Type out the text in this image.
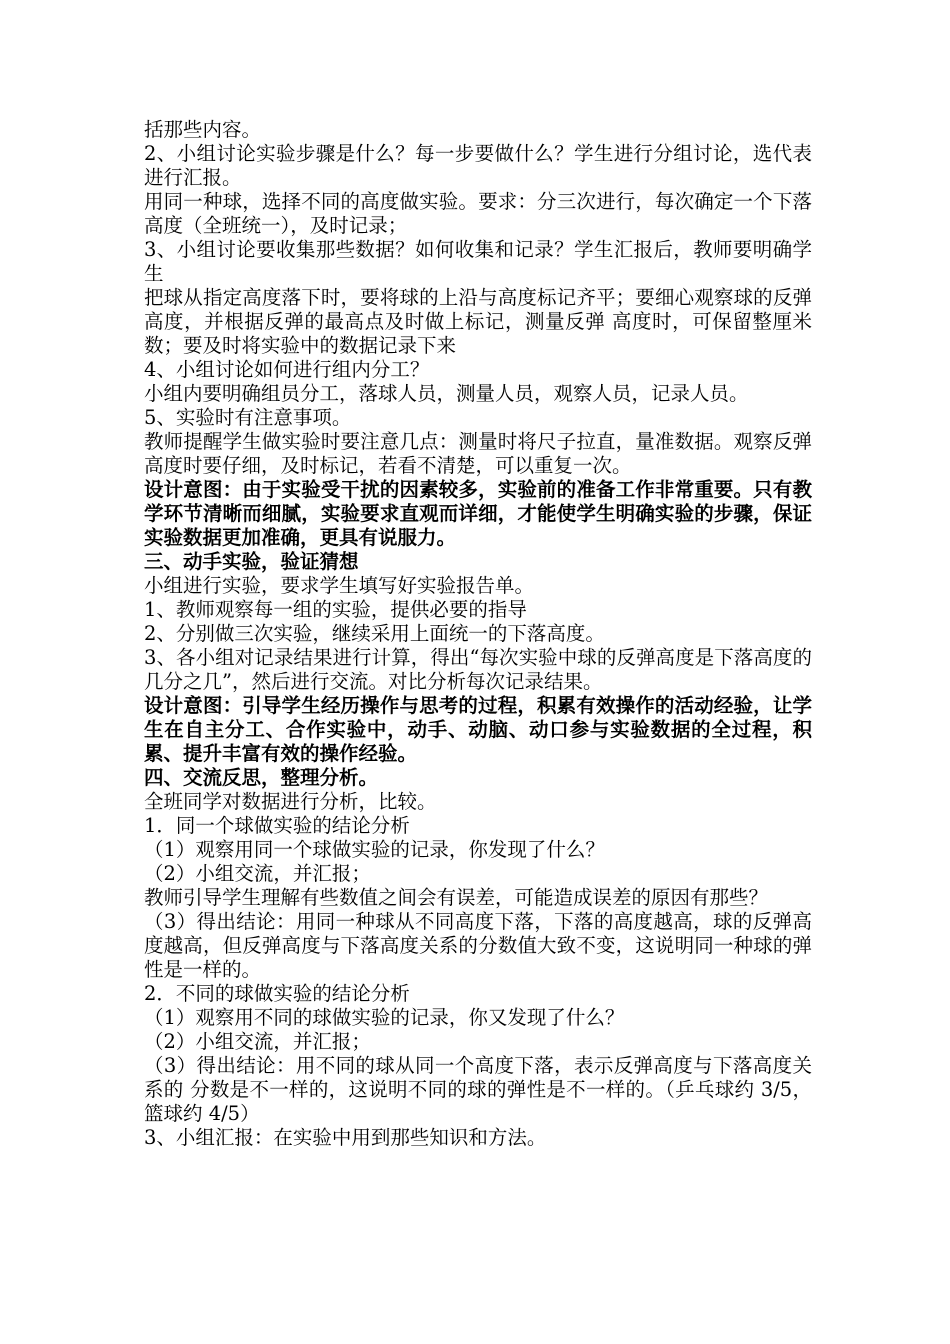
括那些内容。

2、小组讨论实验步骤是什么？每一步要做什么？学生进行分组讨论，选代表进行汇报。

用同一种球，选择不同的高度做实验。要求：分三次进行，每次确定一个下落高度（全班统一），及时记录；

3、小组讨论要收集那些数据？如何收集和记录？学生汇报后，教师要明确学生

把球从指定高度落下时，要将球的上沿与高度标记齐平；要细心观察球的反弹高度，并根据反弹的最高点及时做上标记，测量反弹 高度时，可保留整厘米数；要及时将实验中的数据记录下来

4、小组讨论如何进行组内分工？

小组内要明确组员分工，落球人员，测量人员，观察人员，记录人员。

5、实验时有注意事项。

教师提醒学生做实验时要注意几点：测量时将尺子拉直，量准数据。观察反弹高度时要仔细，及时标记，若看不清楚，可以重复一次。

设计意图：由于实验受干扰的因素较多，实验前的准备工作非常重要。只有教学环节清晰而细腻，实验要求直观而详细，才能使学生明确实验的步骤，保证实验数据更加准确，更具有说服力。

三、动手实验，验证猜想

小组进行实验，要求学生填写好实验报告单。

1、教师观察每一组的实验，提供必要的指导

2、分别做三次实验，继续采用上面统一的下落高度。

3、各小组对记录结果进行计算，得出“每次实验中球的反弹高度是下落高度的几分之几”，然后进行交流。对比分析每次记录结果。

设计意图：引导学生经历操作与思考的过程，积累有效操作的活动经验，让学生在自主分工、合作实验中，动手、动脑、动口参与实验数据的全过程，积累、提升丰富有效的操作经验。

四、交流反思，整理分析。

全班同学对数据进行分析，比较。

1．同一个球做实验的结论分析

（1）观察用同一个球做实验的记录，你发现了什么？

（2）小组交流，并汇报；

教师引导学生理解有些数值之间会有误差，可能造成误差的原因有那些？

（3）得出结论：用同一种球从不同高度下落，下落的高度越高，球的反弹高度越高，但反弹高度与下落高度关系的分数值大致不变，这说明同一种球的弹性是一样的。

2．不同的球做实验的结论分析

（1）观察用不同的球做实验的记录，你又发现了什么？

（2）小组交流，并汇报；

（3）得出结论：用不同的球从同一个高度下落，表示反弹高度与下落高度关系的 分数是不一样的，这说明不同的球的弹性是不一样的。（乒乓球约 3/5，篮球约 4/5）

3、小组汇报：在实验中用到那些知识和方法。
